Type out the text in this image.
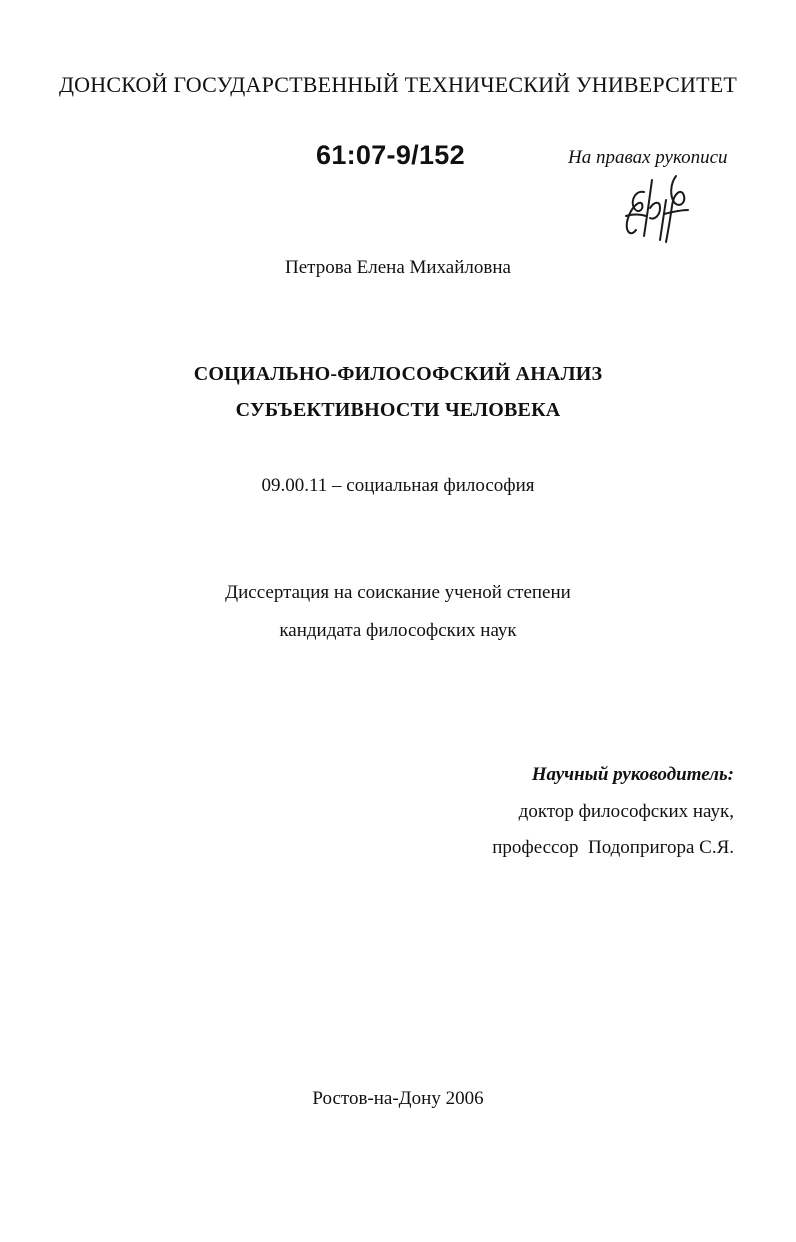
ДОНСКОЙ ГОСУДАРСТВЕННЫЙ ТЕХНИЧЕСКИЙ УНИВЕРСИТЕТ
61:07-9/152	На правах рукописи
Петрова Елена Михайловна
СОЦИАЛЬНО-ФИЛОСОФСКИЙ АНАЛИЗ
СУБЪЕКТИВНОСТИ ЧЕЛОВЕКА
09.00.11 – социальная философия
Диссертация на соискание ученой степени
кандидата философских наук
Научный руководитель:
доктор философских наук,
профессор  Подопригора С.Я.
Ростов-на-Дону 2006
